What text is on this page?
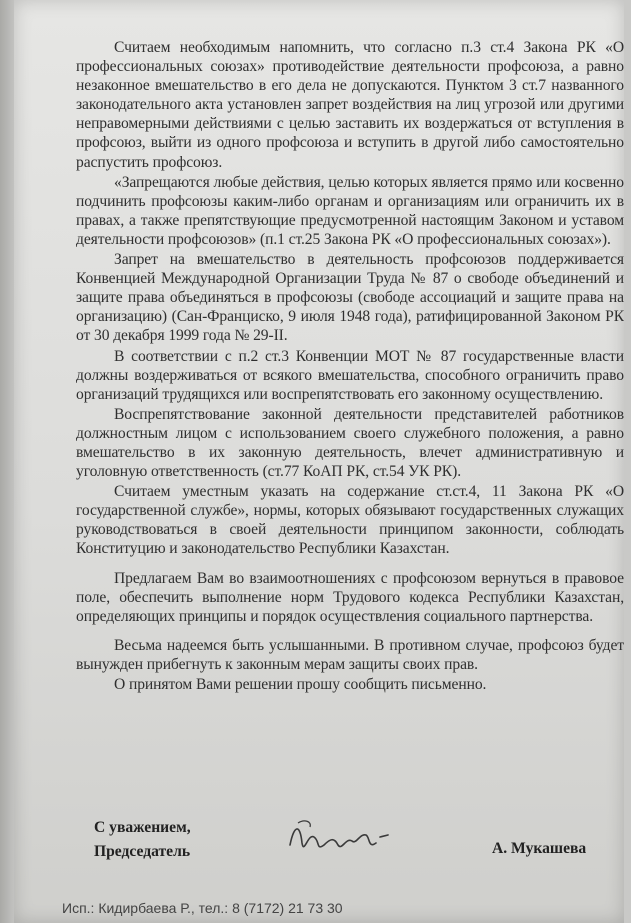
Считаем необходимым напомнить, что согласно п.3 ст.4 Закона РК «О профессиональных союзах» противодействие деятельности профсоюза, а равно незаконное вмешательство в его дела не допускаются. Пунктом 3 ст.7 названного законодательного акта установлен запрет воздействия на лиц угрозой или другими неправомерными действиями с целью заставить их воздержаться от вступления в профсоюз, выйти из одного профсоюза и вступить в другой либо самостоятельно распустить профсоюз.

«Запрещаются любые действия, целью которых является прямо или косвенно подчинить профсоюзы каким-либо органам и организациям или ограничить их в правах, а также препятствующие предусмотренной настоящим Законом и уставом деятельности профсоюзов» (п.1 ст.25 Закона РК «О профессиональных союзах»).

Запрет на вмешательство в деятельность профсоюзов поддерживается Конвенцией Международной Организации Труда № 87 о свободе объединений и защите права объединяться в профсоюзы (свободе ассоциаций и защите права на организацию) (Сан-Франциско, 9 июля 1948 года), ратифицированной Законом РК от 30 декабря 1999 года № 29-II.

В соответствии с п.2 ст.3 Конвенции МОТ № 87 государственные власти должны воздерживаться от всякого вмешательства, способного ограничить право организаций трудящихся или воспрепятствовать его законному осуществлению.

Воспрепятствование законной деятельности представителей работников должностным лицом с использованием своего служебного положения, а равно вмешательство в их законную деятельность, влечет административную и уголовную ответственность (ст.77 КоАП РК, ст.54 УК РК).

Считаем уместным указать на содержание ст.ст.4, 11 Закона РК «О государственной службе», нормы, которых обязывают государственных служащих руководствоваться в своей деятельности принципом законности, соблюдать Конституцию и законодательство Республики Казахстан.

Предлагаем Вам во взаимоотношениях с профсоюзом вернуться в правовое поле, обеспечить выполнение норм Трудового кодекса Республики Казахстан, определяющих принципы и порядок осуществления социального партнерства.

Весьма надеемся быть услышанными. В противном случае, профсоюз будет вынужден прибегнуть к законным мерам защиты своих прав.

О принятом Вами решении прошу сообщить письменно.

С уважением,
Председатель	А. Мукашева
Исп.: Кидирбаева Р., тел.: 8 (7172) 21 73 30
